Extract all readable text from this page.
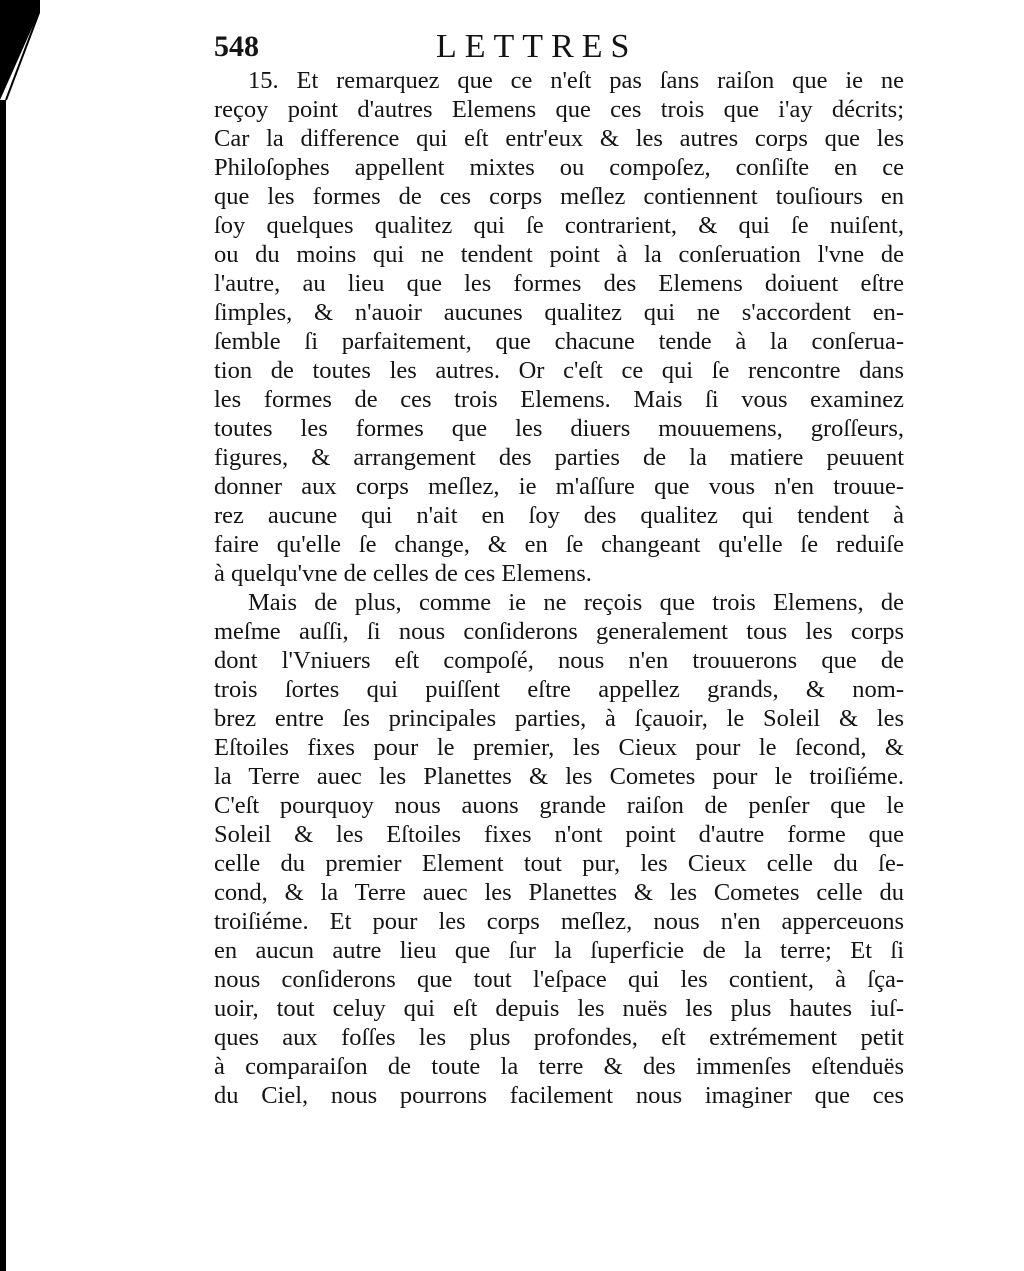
548	LETTRES
15. Et remarquez que ce n'eſt pas ſans raiſon que ie ne
reçoy point d'autres Elemens que ces trois que i'ay décrits;
Car la difference qui eſt entr'eux & les autres corps que les
Philoſophes appellent mixtes ou compoſez, conſiſte en ce
que les formes de ces corps meſlez contiennent touſiours en
ſoy quelques qualitez qui ſe contrarient, & qui ſe nuiſent,
ou du moins qui ne tendent point à la conſeruation l'vne de
l'autre, au lieu que les formes des Elemens doiuent eſtre
ſimples, & n'auoir aucunes qualitez qui ne s'accordent en-
ſemble ſi parfaitement, que chacune tende à la conſerua-
tion de toutes les autres. Or c'eſt ce qui ſe rencontre dans
les formes de ces trois Elemens. Mais ſi vous examinez
toutes les formes que les diuers mouuemens, groſſeurs,
figures, & arrangement des parties de la matiere peuuent
donner aux corps meſlez, ie m'aſſure que vous n'en trouue-
rez aucune qui n'ait en ſoy des qualitez qui tendent à
faire qu'elle ſe change, & en ſe changeant qu'elle ſe reduiſe
à quelqu'vne de celles de ces Elemens.
Mais de plus, comme ie ne reçois que trois Elemens, de
meſme auſſi, ſi nous conſiderons generalement tous les corps
dont l'Vniuers eſt compoſé, nous n'en trouuerons que de
trois ſortes qui puiſſent eſtre appellez grands, & nom-
brez entre ſes principales parties, à ſçauoir, le Soleil & les
Eſtoiles fixes pour le premier, les Cieux pour le ſecond, &
la Terre auec les Planettes & les Cometes pour le troiſiéme.
C'eſt pourquoy nous auons grande raiſon de penſer que le
Soleil & les Eſtoiles fixes n'ont point d'autre forme que
celle du premier Element tout pur, les Cieux celle du ſe-
cond, & la Terre auec les Planettes & les Cometes celle du
troiſiéme. Et pour les corps meſlez, nous n'en apperceuons
en aucun autre lieu que ſur la ſuperficie de la terre; Et ſi
nous conſiderons que tout l'eſpace qui les contient, à ſça-
uoir, tout celuy qui eſt depuis les nuës les plus hautes iuſ-
ques aux foſſes les plus profondes, eſt extrémement petit
à comparaiſon de toute la terre & des immenſes eſtenduës
du Ciel, nous pourrons facilement nous imaginer que ces
